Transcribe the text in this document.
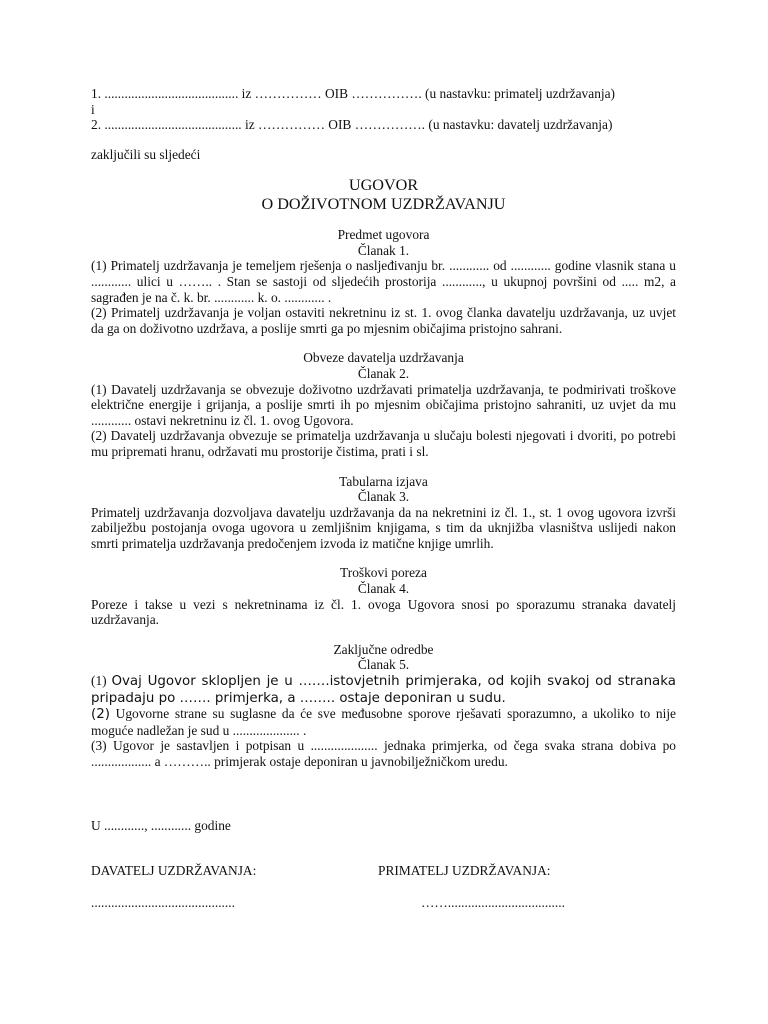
1. ........................................ iz …………… OIB ……………. (u nastavku: primatelj uzdržavanja)

i

2. ......................................... iz …………… OIB ……………. (u nastavku: davatelj uzdržavanja)

zaključili su sljedeći

UGOVOR

O DOŽIVOTNOM UZDRŽAVANJU

Predmet ugovora

Članak 1.

(1) Primatelj uzdržavanja je temeljem rješenja o nasljeđivanju br. ............ od ............ godine vlasnik stana u ............ ulici u …….. . Stan se sastoji od sljedećih prostorija ............, u ukupnoj površini od ..... m2, a sagrađen je na č. k. br. ............ k. o. ............ .

(2) Primatelj uzdržavanja je voljan ostaviti nekretninu iz st. 1. ovog članka davatelju uzdržavanja, uz uvjet da ga on doživotno uzdržava, a poslije smrti ga po mjesnim običajima pristojno sahrani.

Obveze davatelja uzdržavanja

Članak 2.

(1) Davatelj uzdržavanja se obvezuje doživotno uzdržavati primatelja uzdržavanja, te podmirivati troškove električne energije i grijanja, a poslije smrti ih po mjesnim običajima pristojno sahraniti, uz uvjet da mu ............ ostavi nekretninu iz čl. 1. ovog Ugovora.

(2) Davatelj uzdržavanja obvezuje se primatelja uzdržavanja u slučaju bolesti njegovati i dvoriti, po potrebi mu pripremati hranu, održavati mu prostorije čistima, prati i sl.

Tabularna izjava

Članak 3.

Primatelj uzdržavanja dozvoljava davatelju uzdržavanja da na nekretnini iz čl. 1., st. 1 ovog ugovora izvrši zabilježbu postojanja ovoga ugovora u zemljišnim knjigama, s tim da uknjižba vlasništva uslijedi nakon smrti primatelja uzdržavanja predočenjem izvoda iz matične knjige umrlih.

Troškovi poreza

Članak 4.

Poreze i takse u vezi s nekretninama iz čl. 1. ovoga Ugovora snosi po sporazumu stranaka davatelj uzdržavanja.

Zaključne odredbe

Članak 5.

(1) Ovaj Ugovor sklopljen je u …….istovjetnih primjeraka, od kojih svakoj od stranaka pripadaju po ……. primjerka, a …….. ostaje deponiran u sudu.

(2) Ugovorne strane su suglasne da će sve međusobne sporove rješavati sporazumno, a ukoliko to nije moguće nadležan je sud u .................... .

(3) Ugovor je sastavljen i potpisan u .................... jednaka primjerka, od čega svaka strana dobiva po .................. a ……….. primjerak ostaje deponiran u javnobilježničkom uredu.

U ............, ............ godine

DAVATELJ UZDRŽAVANJA:	PRIMATELJ UZDRŽAVANJA:
...........................................	……...................................
